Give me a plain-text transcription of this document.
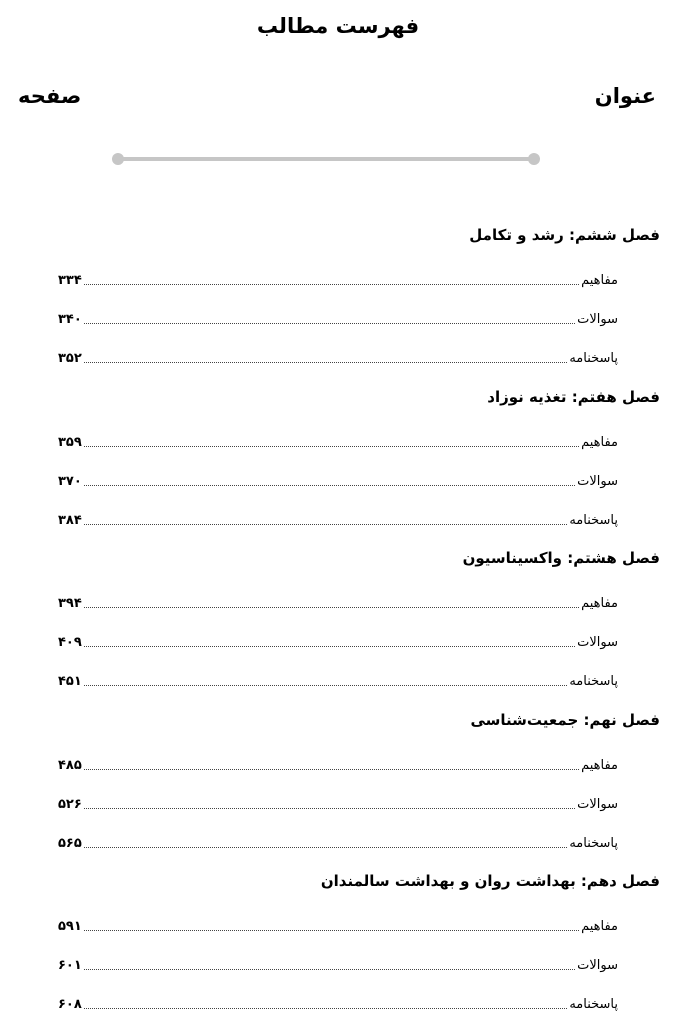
فهرست مطالب
عنوان
صفحه
فصل ششم: رشد و تکامل
مفاهیم
۳۳۴
سوالات
۳۴۰
پاسخنامه
۳۵۲
فصل هفتم: تغذیه نوزاد
مفاهیم
۳۵۹
سوالات
۳۷۰
پاسخنامه
۳۸۴
فصل هشتم: واکسیناسیون
مفاهیم
۳۹۴
سوالات
۴۰۹
پاسخنامه
۴۵۱
فصل نهم: جمعیت‌شناسی
مفاهیم
۴۸۵
سوالات
۵۲۶
پاسخنامه
۵۶۵
فصل دهم: بهداشت روان و بهداشت سالمندان
مفاهیم
۵۹۱
سوالات
۶۰۱
پاسخنامه
۶۰۸
